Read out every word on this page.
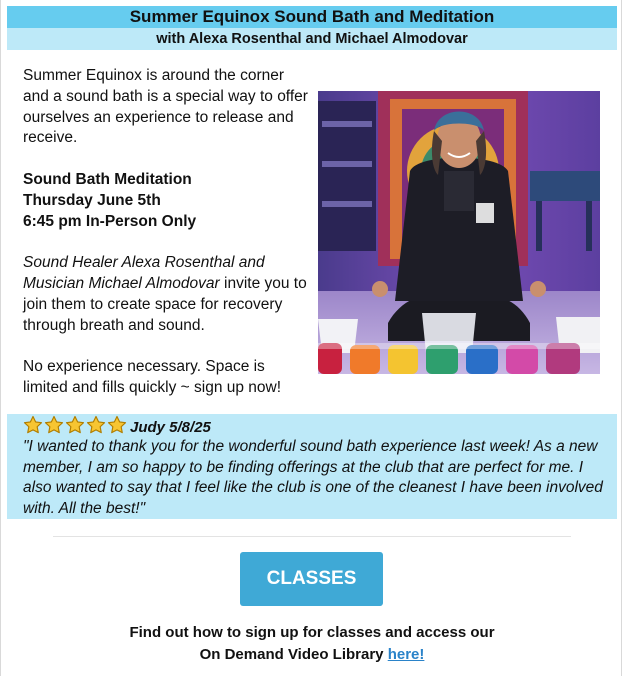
Summer Equinox Sound Bath and Meditation
with Alexa Rosenthal and Michael Almodovar

Summer Equinox is around the corner and a sound bath is a special way to offer ourselves an experience to release and receive.

Sound Bath Meditation

Thursday June 5th

6:45 pm In-Person Only

Sound Healer Alexa Rosenthal and Musician Michael Almodovar invite you to join them to create space for recovery through breath and sound.

No experience necessary. Space is limited and fills quickly ~ sign up now!

Judy 5/8/25

"I wanted to thank you for the wonderful sound bath experience last week! As a new member, I am so happy to be finding offerings at the club that are perfect for me. I also wanted to say that I feel like the club is one of the cleanest I have been involved with. All the best!"

CLASSES
Find out how to sign up for classes and access our
On Demand Video Library here!
